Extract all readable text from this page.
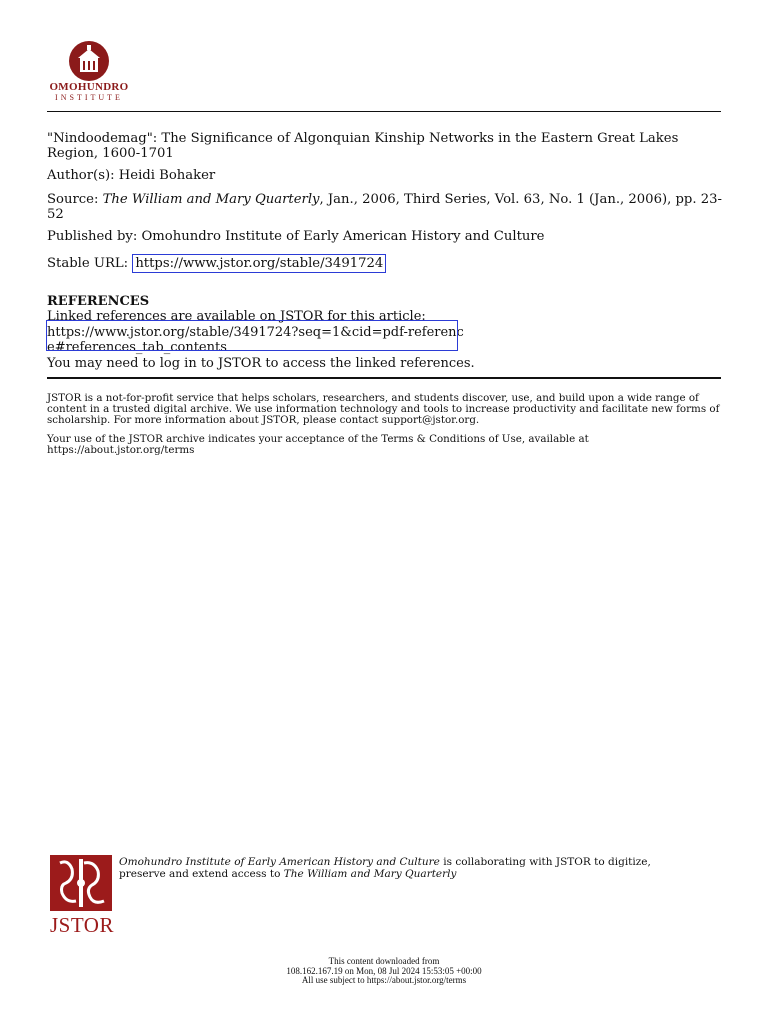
OMOHUNDRO
INSTITUTE
"Nindoodemag": The Significance of Algonquian Kinship Networks in the Eastern Great Lakes Region, 1600-1701
Author(s): Heidi Bohaker
Source: The William and Mary Quarterly, Jan., 2006, Third Series, Vol. 63, No. 1 (Jan., 2006), pp. 23-52
Published by: Omohundro Institute of Early American History and Culture
Stable URL: https://www.jstor.org/stable/3491724
REFERENCES
Linked references are available on JSTOR for this article:
https://www.jstor.org/stable/3491724?seq=1&cid=pdf-reference#references_tab_contents
You may need to log in to JSTOR to access the linked references.
JSTOR is a not-for-profit service that helps scholars, researchers, and students discover, use, and build upon a wide range of content in a trusted digital archive. We use information technology and tools to increase productivity and facilitate new forms of scholarship. For more information about JSTOR, please contact support@jstor.org.
Your use of the JSTOR archive indicates your acceptance of the Terms & Conditions of Use, available at https://about.jstor.org/terms
JSTOR
Omohundro Institute of Early American History and Culture is collaborating with JSTOR to digitize, preserve and extend access to The William and Mary Quarterly
This content downloaded from
108.162.167.19 on Mon, 08 Jul 2024 15:53:05 +00:00
All use subject to https://about.jstor.org/terms
